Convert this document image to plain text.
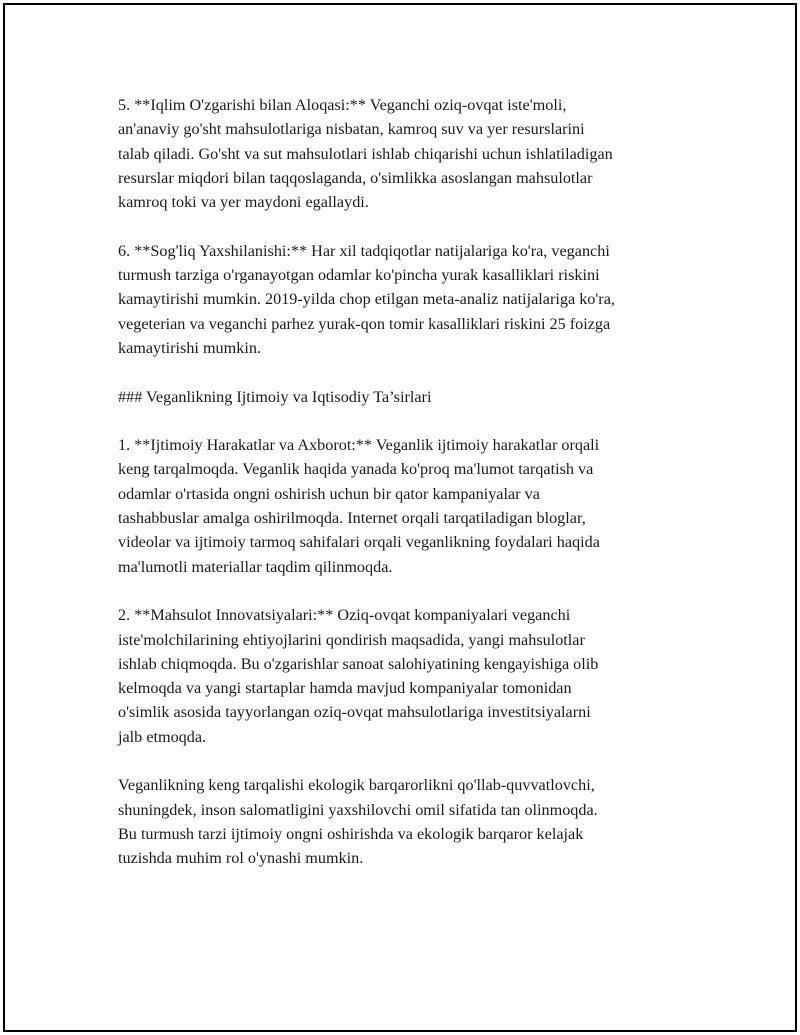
5. **Iqlim O'zgarishi bilan Aloqasi:** Veganchi oziq-ovqat iste'moli,
an'anaviy go'sht mahsulotlariga nisbatan, kamroq suv va yer resurslarini
talab qiladi. Go'sht va sut mahsulotlari ishlab chiqarishi uchun ishlatiladigan
resurslar miqdori bilan taqqoslaganda, o'simlikka asoslangan mahsulotlar
kamroq toki va yer maydoni egallaydi.

6. **Sog'liq Yaxshilanishi:** Har xil tadqiqotlar natijalariga ko'ra, veganchi
turmush tarziga o'rganayotgan odamlar ko'pincha yurak kasalliklari riskini
kamaytirishi mumkin. 2019-yilda chop etilgan meta-analiz natijalariga ko'ra,
vegeterian va veganchi parhez yurak-qon tomir kasalliklari riskini 25 foizga
kamaytirishi mumkin.

### Veganlikning Ijtimoiy va Iqtisodiy Ta’sirlari

1. **Ijtimoiy Harakatlar va Axborot:** Veganlik ijtimoiy harakatlar orqali
keng tarqalmoqda. Veganlik haqida yanada ko'proq ma'lumot tarqatish va
odamlar o'rtasida ongni oshirish uchun bir qator kampaniyalar va
tashabbuslar amalga oshirilmoqda. Internet orqali tarqatiladigan bloglar,
videolar va ijtimoiy tarmoq sahifalari orqali veganlikning foydalari haqida
ma'lumotli materiallar taqdim qilinmoqda.

2. **Mahsulot Innovatsiyalari:** Oziq-ovqat kompaniyalari veganchi
iste'molchilarining ehtiyojlarini qondirish maqsadida, yangi mahsulotlar
ishlab chiqmoqda. Bu o'zgarishlar sanoat salohiyatining kengayishiga olib
kelmoqda va yangi startaplar hamda mavjud kompaniyalar tomonidan
o'simlik asosida tayyorlangan oziq-ovqat mahsulotlariga investitsiyalarni
jalb etmoqda.

Veganlikning keng tarqalishi ekologik barqarorlikni qo'llab-quvvatlovchi,
shuningdek, inson salomatligini yaxshilovchi omil sifatida tan olinmoqda.
Bu turmush tarzi ijtimoiy ongni oshirishda va ekologik barqaror kelajak
tuzishda muhim rol o'ynashi mumkin.
